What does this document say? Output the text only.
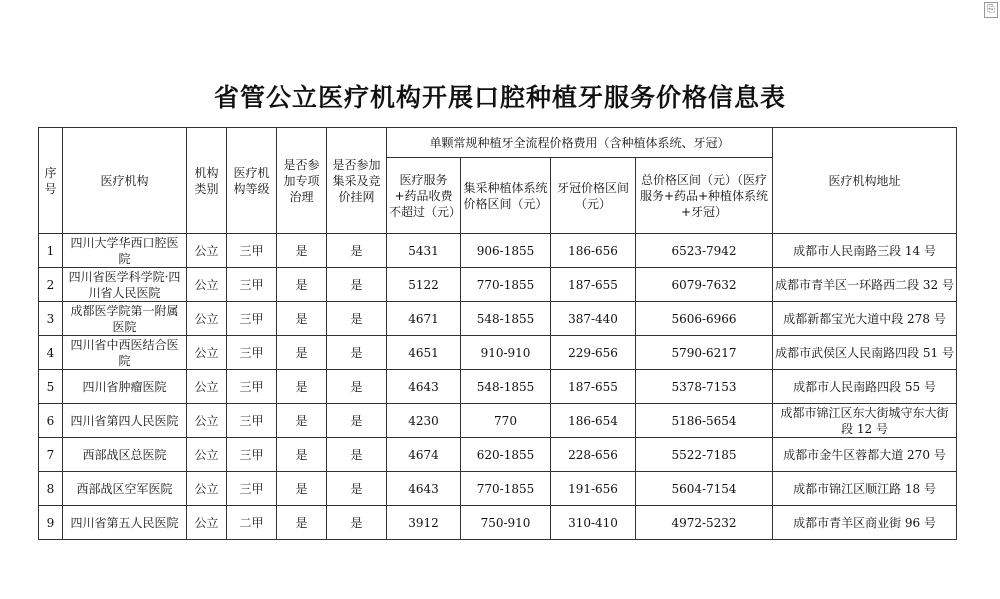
⎘
省管公立医疗机构开展口腔种植牙服务价格信息表
序号	医疗机构	机构类别	医疗机构等级	是否参加专项治理	是否参加集采及竞价挂网	单颗常规种植牙全流程价格费用（含种植体系统、牙冠）				医疗机构地址
						医疗服务+药品收费不超过（元）	集采种植体系统价格区间（元）	牙冠价格区间（元）	总价格区间（元）（医疗服务+药品+种植体系统+牙冠）	
1	四川大学华西口腔医院	公立	三甲	是	是	5431	906-1855	186-656	6523-7942	成都市人民南路三段 14 号
2	四川省医学科学院·四川省人民医院	公立	三甲	是	是	5122	770-1855	187-655	6079-7632	成都市青羊区一环路西二段 32 号
3	成都医学院第一附属医院	公立	三甲	是	是	4671	548-1855	387-440	5606-6966	成都新都宝光大道中段 278 号
4	四川省中西医结合医院	公立	三甲	是	是	4651	910-910	229-656	5790-6217	成都市武侯区人民南路四段 51 号
5	四川省肿瘤医院	公立	三甲	是	是	4643	548-1855	187-655	5378-7153	成都市人民南路四段 55 号
6	四川省第四人民医院	公立	三甲	是	是	4230	770	186-654	5186-5654	成都市锦江区东大街城守东大街段 12 号
7	西部战区总医院	公立	三甲	是	是	4674	620-1855	228-656	5522-7185	成都市金牛区蓉都大道 270 号
8	西部战区空军医院	公立	三甲	是	是	4643	770-1855	191-656	5604-7154	成都市锦江区顺江路 18 号
9	四川省第五人民医院	公立	二甲	是	是	3912	750-910	310-410	4972-5232	成都市青羊区商业街 96 号
